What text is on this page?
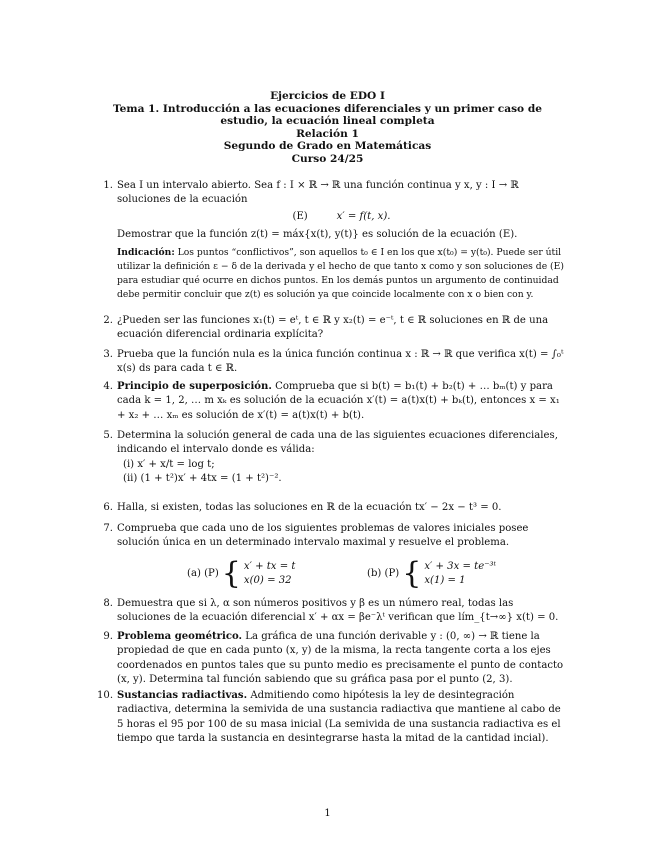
Ejercicios de EDO I
Tema 1. Introducción a las ecuaciones diferenciales y un primer caso de estudio, la ecuación lineal completa
Relación 1
Segundo de Grado en Matemáticas
Curso 24/25
1. Sea I un intervalo abierto. Sea f : I × ℝ → ℝ una función continua y x, y : I → ℝ soluciones de la ecuación
(E)	x′ = f(t, x).
Demostrar que la función z(t) = máx{x(t), y(t)} es solución de la ecuación (E).
Indicación: Los puntos “conflictivos”, son aquellos t₀ ∈ I en los que x(t₀) = y(t₀). Puede ser útil utilizar la definición ε − δ de la derivada y el hecho de que tanto x como y son soluciones de (E) para estudiar qué ocurre en dichos puntos. En los demás puntos un argumento de continuidad debe permitir concluir que z(t) es solución ya que coincide localmente con x o bien con y.
2. ¿Pueden ser las funciones x₁(t) = eᵗ, t ∈ ℝ y x₂(t) = e⁻ᵗ, t ∈ ℝ soluciones en ℝ de una ecuación diferencial ordinaria explícita?
3. Prueba que la función nula es la única función continua x : ℝ → ℝ que verifica x(t) = ∫₀ᵗ x(s) ds para cada t ∈ ℝ.
4. Principio de superposición. Comprueba que si b(t) = b₁(t) + b₂(t) + … bₘ(t) y para cada k = 1, 2, … m xₖ es solución de la ecuación x′(t) = a(t)x(t) + bₖ(t), entonces x = x₁ + x₂ + … xₘ es solución de x′(t) = a(t)x(t) + b(t).
5. Determina la solución general de cada una de las siguientes ecuaciones diferenciales, indicando el intervalo donde es válida:
(i) x′ + x/t = log t;
(ii) (1 + t²)x′ + 4tx = (1 + t²)⁻².
6. Halla, si existen, todas las soluciones en ℝ de la ecuación tx′ − 2x − t³ = 0.
7. Comprueba que cada uno de los siguientes problemas de valores iniciales posee solución única en un determinado intervalo maximal y resuelve el problema.
(a) (P) { x′ + tx = t
x(0) = 32
(b) (P) { x′ + 3x = te⁻³ᵗ
x(1) = 1
8. Demuestra que si λ, α son números positivos y β es un número real, todas las soluciones de la ecuación diferencial x′ + αx = βe⁻λᵗ verifican que lím_{t→∞} x(t) = 0.
9. Problema geométrico. La gráfica de una función derivable y : (0, ∞) → ℝ tiene la propiedad de que en cada punto (x, y) de la misma, la recta tangente corta a los ejes coordenados en puntos tales que su punto medio es precisamente el punto de contacto (x, y). Determina tal función sabiendo que su gráfica pasa por el punto (2, 3).
10. Sustancias radiactivas. Admitiendo como hipótesis la ley de desintegración radiactiva, determina la semivida de una sustancia radiactiva que mantiene al cabo de 5 horas el 95 por 100 de su masa inicial (La semivida de una sustancia radiactiva es el tiempo que tarda la sustancia en desintegrarse hasta la mitad de la cantidad incial).
1
